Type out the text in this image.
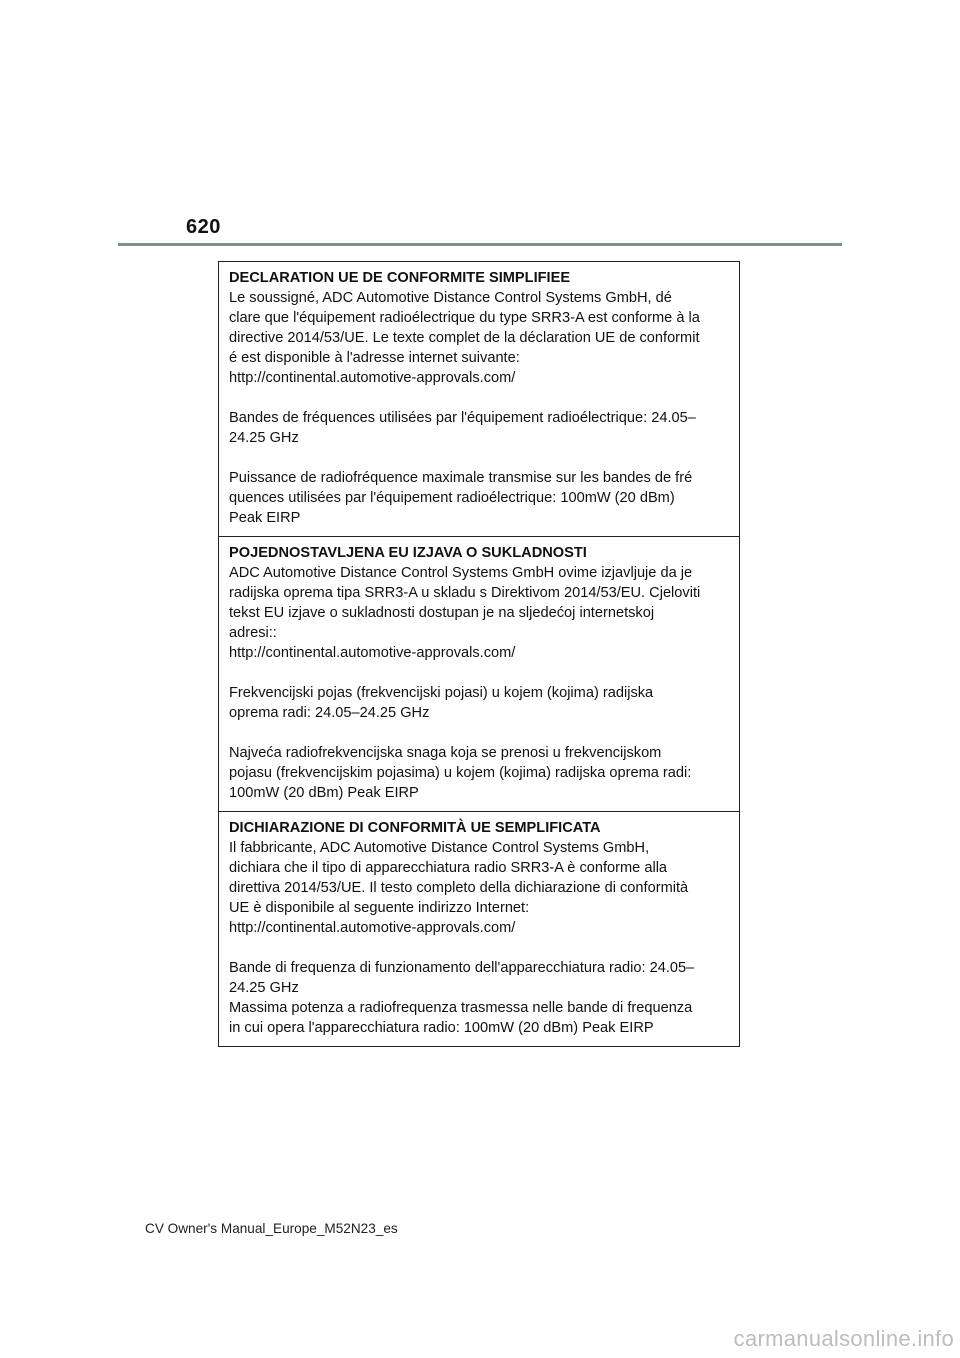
620
DECLARATION UE DE CONFORMITE SIMPLIFIEE

Le soussigné, ADC Automotive Distance Control Systems GmbH, dé
clare que l'équipement radioélectrique du type SRR3-A est conforme à la
directive 2014/53/UE. Le texte complet de la déclaration UE de conformit
é est disponible à l'adresse internet suivante:
http://continental.automotive-approvals.com/

Bandes de fréquences utilisées par l'équipement radioélectrique: 24.05–
24.25 GHz

Puissance de radiofréquence maximale transmise sur les bandes de fré
quences utilisées par l'équipement radioélectrique: 100mW (20 dBm)
Peak EIRP

POJEDNOSTAVLJENA EU IZJAVA O SUKLADNOSTI

ADC Automotive Distance Control Systems GmbH ovime izjavljuje da je
radijska oprema tipa SRR3-A u skladu s Direktivom 2014/53/EU. Cjeloviti
tekst EU izjave o sukladnosti dostupan je na sljedećoj internetskoj
adresi::
http://continental.automotive-approvals.com/

Frekvencijski pojas (frekvencijski pojasi) u kojem (kojima) radijska
oprema radi: 24.05–24.25 GHz

Najveća radiofrekvencijska snaga koja se prenosi u frekvencijskom
pojasu (frekvencijskim pojasima) u kojem (kojima) radijska oprema radi:
100mW (20 dBm) Peak EIRP

DICHIARAZIONE DI CONFORMITÀ UE SEMPLIFICATA

Il fabbricante, ADC Automotive Distance Control Systems GmbH,
dichiara che il tipo di apparecchiatura radio SRR3-A è conforme alla
direttiva 2014/53/UE. Il testo completo della dichiarazione di conformità
UE è disponibile al seguente indirizzo Internet:
http://continental.automotive-approvals.com/

Bande di frequenza di funzionamento dell'apparecchiatura radio: 24.05–
24.25 GHz
Massima potenza a radiofrequenza trasmessa nelle bande di frequenza
in cui opera l'apparecchiatura radio: 100mW (20 dBm) Peak EIRP

CV Owner's Manual_Europe_M52N23_es
carmanualsonline.info
